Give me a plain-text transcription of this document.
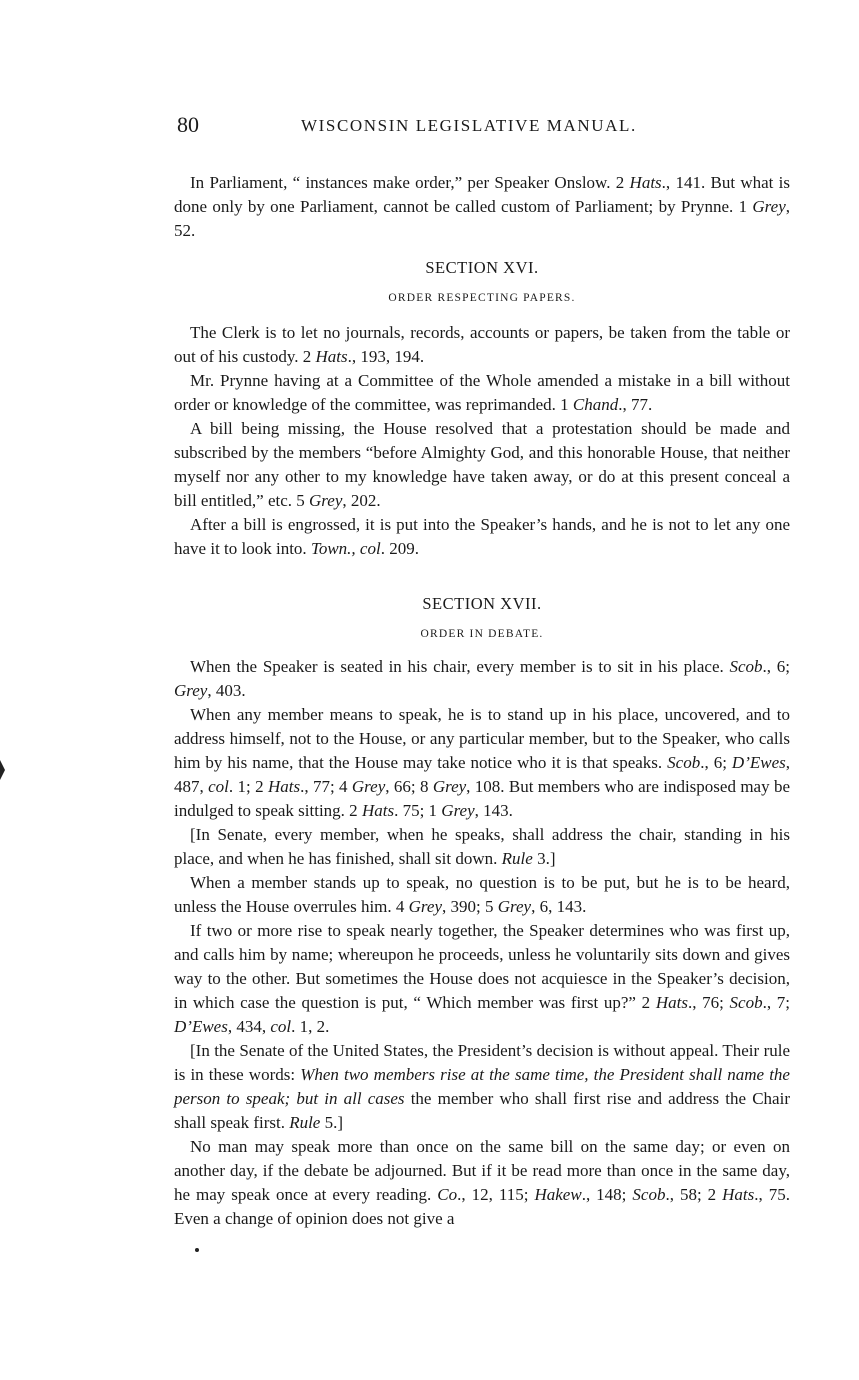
80	WISCONSIN LEGISLATIVE MANUAL.

In Parliament, “ instances make order,” per Speaker Onslow. 2 Hats., 141. But what is done only by one Parliament, cannot be called custom of Parliament; by Prynne. 1 Grey, 52.

SECTION XVI.
ORDER RESPECTING PAPERS.

The Clerk is to let no journals, records, accounts or papers, be taken from the table or out of his custody. 2 Hats., 193, 194.

Mr. Prynne having at a Committee of the Whole amended a mistake in a bill without order or knowledge of the committee, was reprimanded. 1 Chand., 77.

A bill being missing, the House resolved that a protestation should be made and subscribed by the members “before Almighty God, and this honorable House, that neither myself nor any other to my knowledge have taken away, or do at this present conceal a bill entitled,” etc. 5 Grey, 202.

After a bill is engrossed, it is put into the Speaker’s hands, and he is not to let any one have it to look into. Town., col. 209.

SECTION XVII.
ORDER IN DEBATE.

When the Speaker is seated in his chair, every member is to sit in his place. Scob., 6; Grey, 403.

When any member means to speak, he is to stand up in his place, uncovered, and to address himself, not to the House, or any particular member, but to the Speaker, who calls him by his name, that the House may take notice who it is that speaks. Scob., 6; D’Ewes, 487, col. 1; 2 Hats., 77; 4 Grey, 66; 8 Grey, 108. But members who are indisposed may be indulged to speak sitting. 2 Hats. 75; 1 Grey, 143.

[In Senate, every member, when he speaks, shall address the chair, standing in his place, and when he has finished, shall sit down. Rule 3.]

When a member stands up to speak, no question is to be put, but he is to be heard, unless the House overrules him. 4 Grey, 390; 5 Grey, 6, 143.

If two or more rise to speak nearly together, the Speaker determines who was first up, and calls him by name; whereupon he proceeds, unless he voluntarily sits down and gives way to the other. But sometimes the House does not acquiesce in the Speaker’s decision, in which case the question is put, “ Which member was first up?” 2 Hats., 76; Scob., 7; D’Ewes, 434, col. 1, 2.

[In the Senate of the United States, the President’s decision is without appeal. Their rule is in these words: When two members rise at the same time, the President shall name the person to speak; but in all cases the member who shall first rise and address the Chair shall speak first. Rule 5.]

No man may speak more than once on the same bill on the same day; or even on another day, if the debate be adjourned. But if it be read more than once in the same day, he may speak once at every reading. Co., 12, 115; Hakew., 148; Scob., 58; 2 Hats., 75. Even a change of opinion does not give a
